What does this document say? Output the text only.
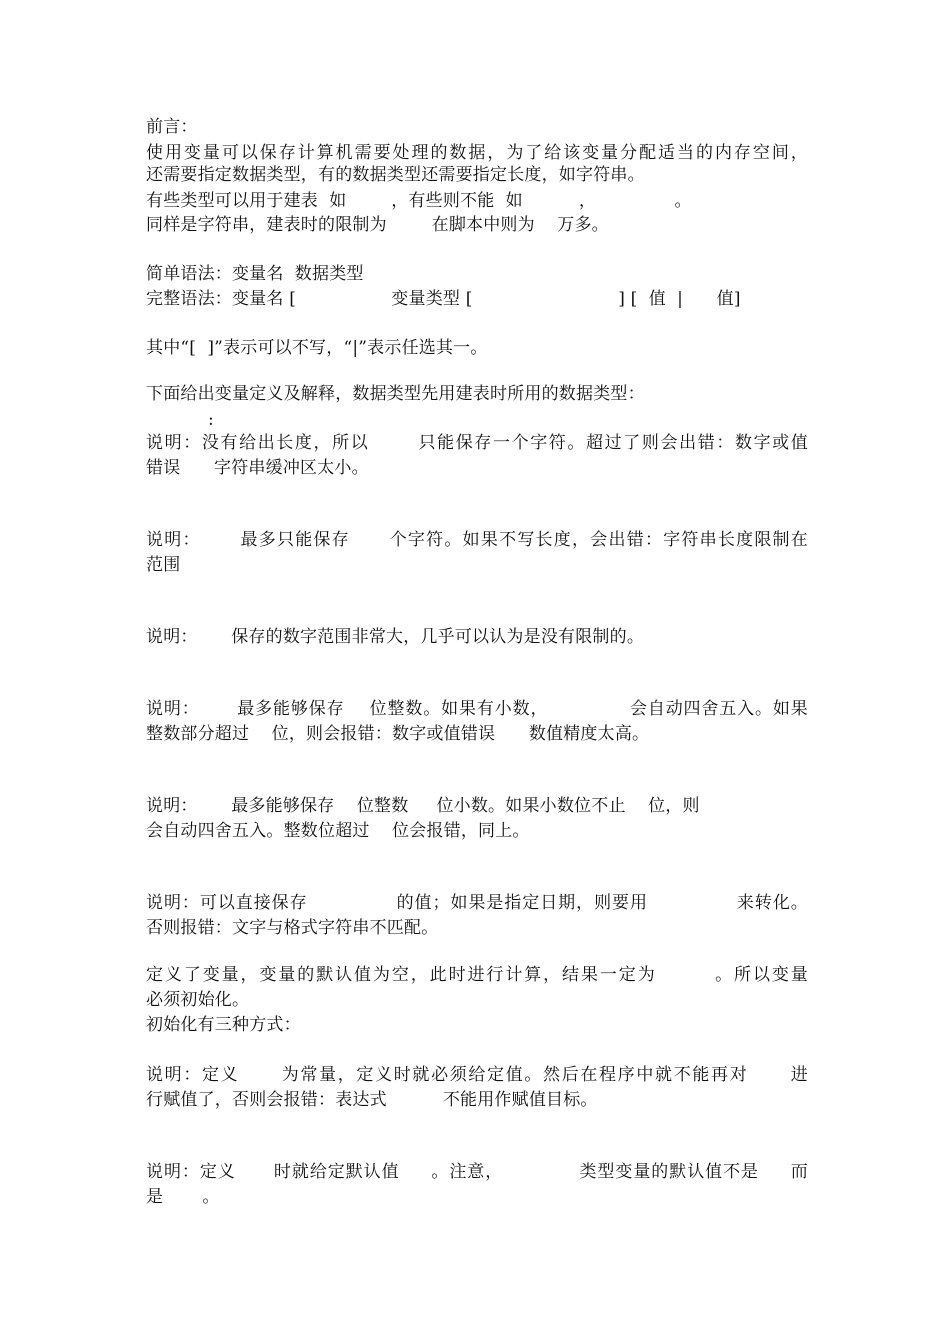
前言：
使用变量可以保存计算机需要处理的数据，为了给该变量分配适当的内存空间，
还需要指定数据类型，有的数据类型还需要指定长度，如字符串。
有些类型可以用于建表  如        ，有些则不能  如          ，              。
同样是字符串，建表时的限制为        在脚本中则为    万多。
简单语法：变量名  数据类型
完整语法：变量名 [                 变量类型 [                          ] [  值  |      值]
其中“[  ]”表示可以不写，“|”表示任选其一。
下面给出变量定义及解释，数据类型先用建表时所用的数据类型：
:
说明：没有给出长度，所以       只能保存一个字符。超过了则会出错：数字或值
错误      字符串缓冲区太小。
说明：      最多只能保存      个字符。如果不写长度，会出错：字符串长度限制在
范围
说明：      保存的数字范围非常大，几乎可以认为是没有限制的。
说明：      最多能够保存    位整数。如果有小数，             会自动四舍五入。如果
整数部分超过    位，则会报错：数字或值错误      数值精度太高。
说明：      最多能够保存    位整数     位小数。如果小数位不止    位，则
会自动四舍五入。整数位超过    位会报错，同上。
说明：可以直接保存              的值；如果是指定日期，则要用              来转化。
否则报错：文字与格式字符串不匹配。
定义了变量，变量的默认值为空，此时进行计算，结果一定为        。所以变量
必须初始化。
初始化有三种方式：
说明：定义      为常量，定义时就必须给定值。然后在程序中就不能再对      进
行赋值了，否则会报错：表达式          不能用作赋值目标。
说明：定义      时就给定默认值     。注意，            类型变量的默认值不是     而
是       。
